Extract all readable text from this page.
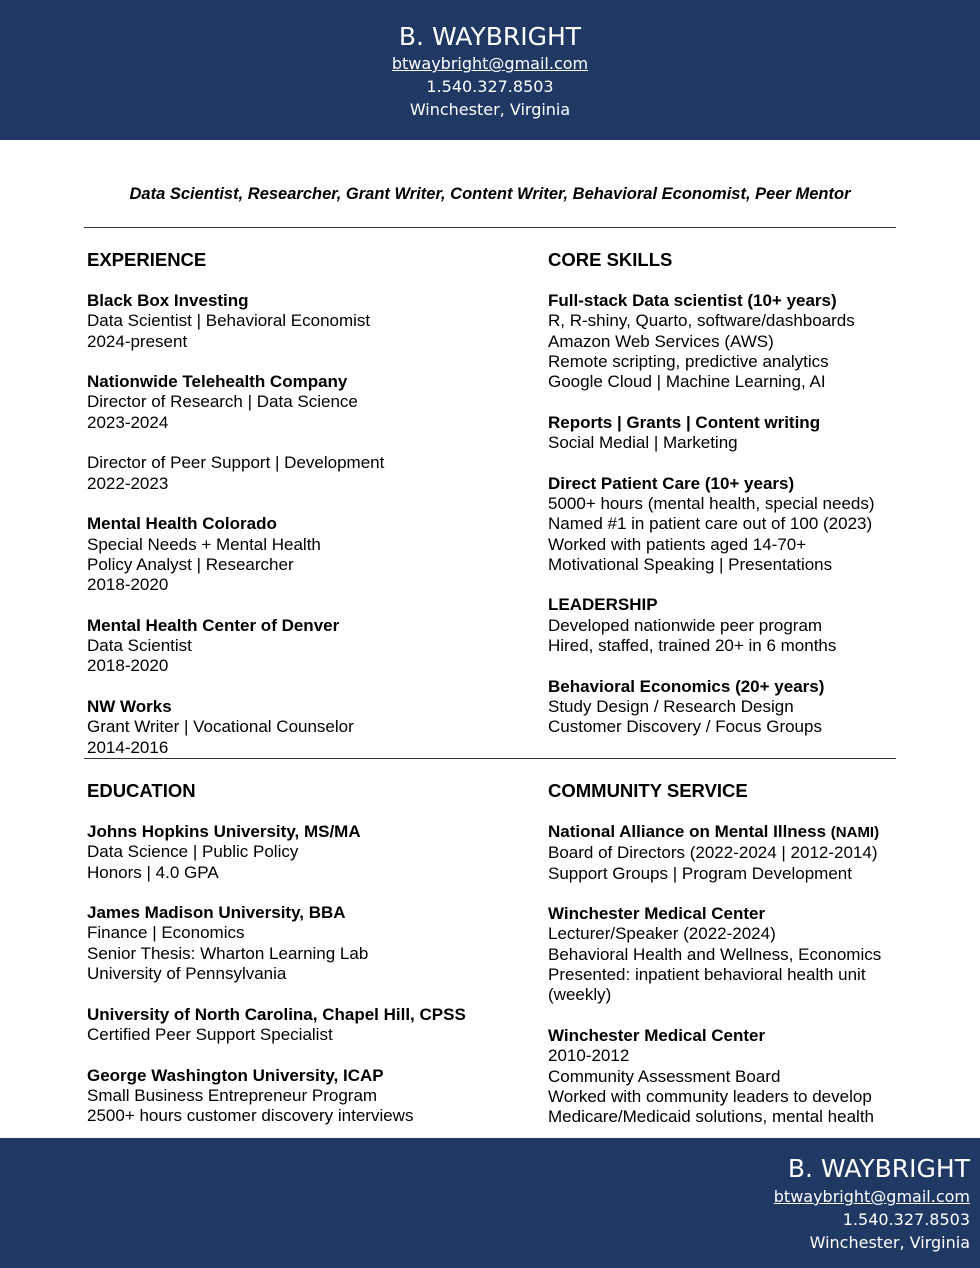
B. WAYBRIGHT
btwaybright@gmail.com
1.540.327.8503
Winchester, Virginia
Data Scientist, Researcher, Grant Writer, Content Writer, Behavioral Economist, Peer Mentor
EXPERIENCE
Black Box Investing
Data Scientist | Behavioral Economist
2024-present
Nationwide Telehealth Company
Director of Research | Data Science
2023-2024
Director of Peer Support | Development
2022-2023
Mental Health Colorado
Special Needs + Mental Health
Policy Analyst | Researcher
2018-2020
Mental Health Center of Denver
Data Scientist
2018-2020
NW Works
Grant Writer | Vocational Counselor
2014-2016
CORE SKILLS
Full-stack Data scientist (10+ years)
R, R-shiny, Quarto, software/dashboards
Amazon Web Services (AWS)
Remote scripting, predictive analytics
Google Cloud | Machine Learning, AI
Reports | Grants | Content writing
Social Medial | Marketing
Direct Patient Care (10+ years)
5000+ hours (mental health, special needs)
Named #1 in patient care out of 100 (2023)
Worked with patients aged 14-70+
Motivational Speaking | Presentations
LEADERSHIP
Developed nationwide peer program
Hired, staffed, trained 20+ in 6 months
Behavioral Economics (20+ years)
Study Design / Research Design
Customer Discovery / Focus Groups
EDUCATION
Johns Hopkins University, MS/MA
Data Science | Public Policy
Honors | 4.0 GPA
James Madison University, BBA
Finance | Economics
Senior Thesis: Wharton Learning Lab
University of Pennsylvania
University of North Carolina, Chapel Hill, CPSS
Certified Peer Support Specialist
George Washington University, ICAP
Small Business Entrepreneur Program
2500+ hours customer discovery interviews
COMMUNITY SERVICE
National Alliance on Mental Illness (NAMI)
Board of Directors (2022-2024 | 2012-2014)
Support Groups | Program Development
Winchester Medical Center
Lecturer/Speaker (2022-2024)
Behavioral Health and Wellness, Economics
Presented: inpatient behavioral health unit
(weekly)
Winchester Medical Center
2010-2012
Community Assessment Board
Worked with community leaders to develop
Medicare/Medicaid solutions, mental health
B. WAYBRIGHT
btwaybright@gmail.com
1.540.327.8503
Winchester, Virginia
